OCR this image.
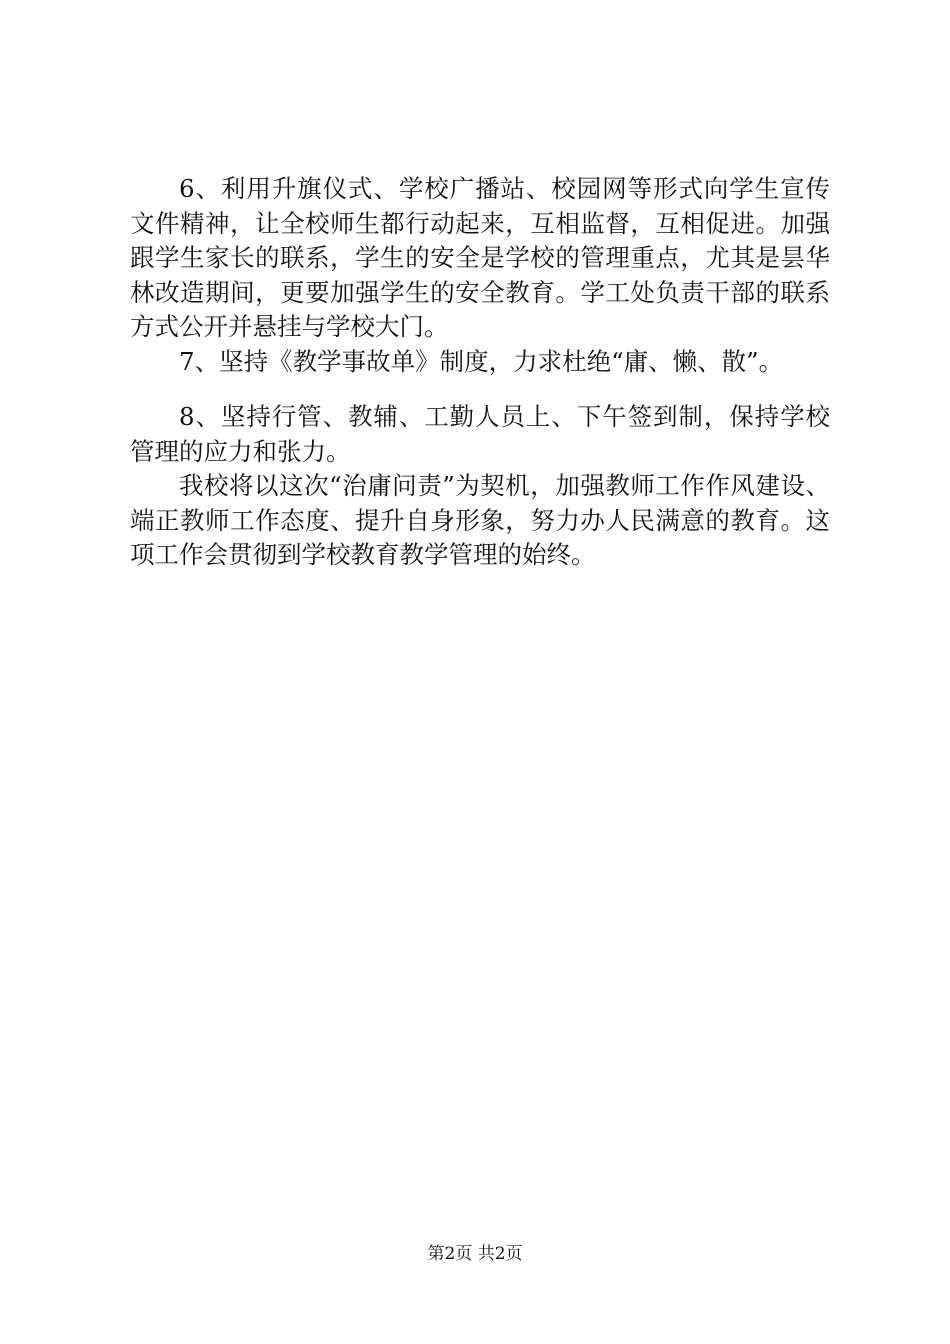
6、利用升旗仪式、学校广播站、校园网等形式向学生宣传文件精神，让全校师生都行动起来，互相监督，互相促进。加强跟学生家长的联系，学生的安全是学校的管理重点，尤其是昙华林改造期间，更要加强学生的安全教育。学工处负责干部的联系方式公开并悬挂与学校大门。

7、坚持《教学事故单》制度，力求杜绝“庸、懒、散”。

8、坚持行管、教辅、工勤人员上、下午签到制，保持学校管理的应力和张力。

我校将以这次“治庸问责”为契机，加强教师工作作风建设、端正教师工作态度、提升自身形象，努力办人民满意的教育。这项工作会贯彻到学校教育教学管理的始终。

第2页 共2页
